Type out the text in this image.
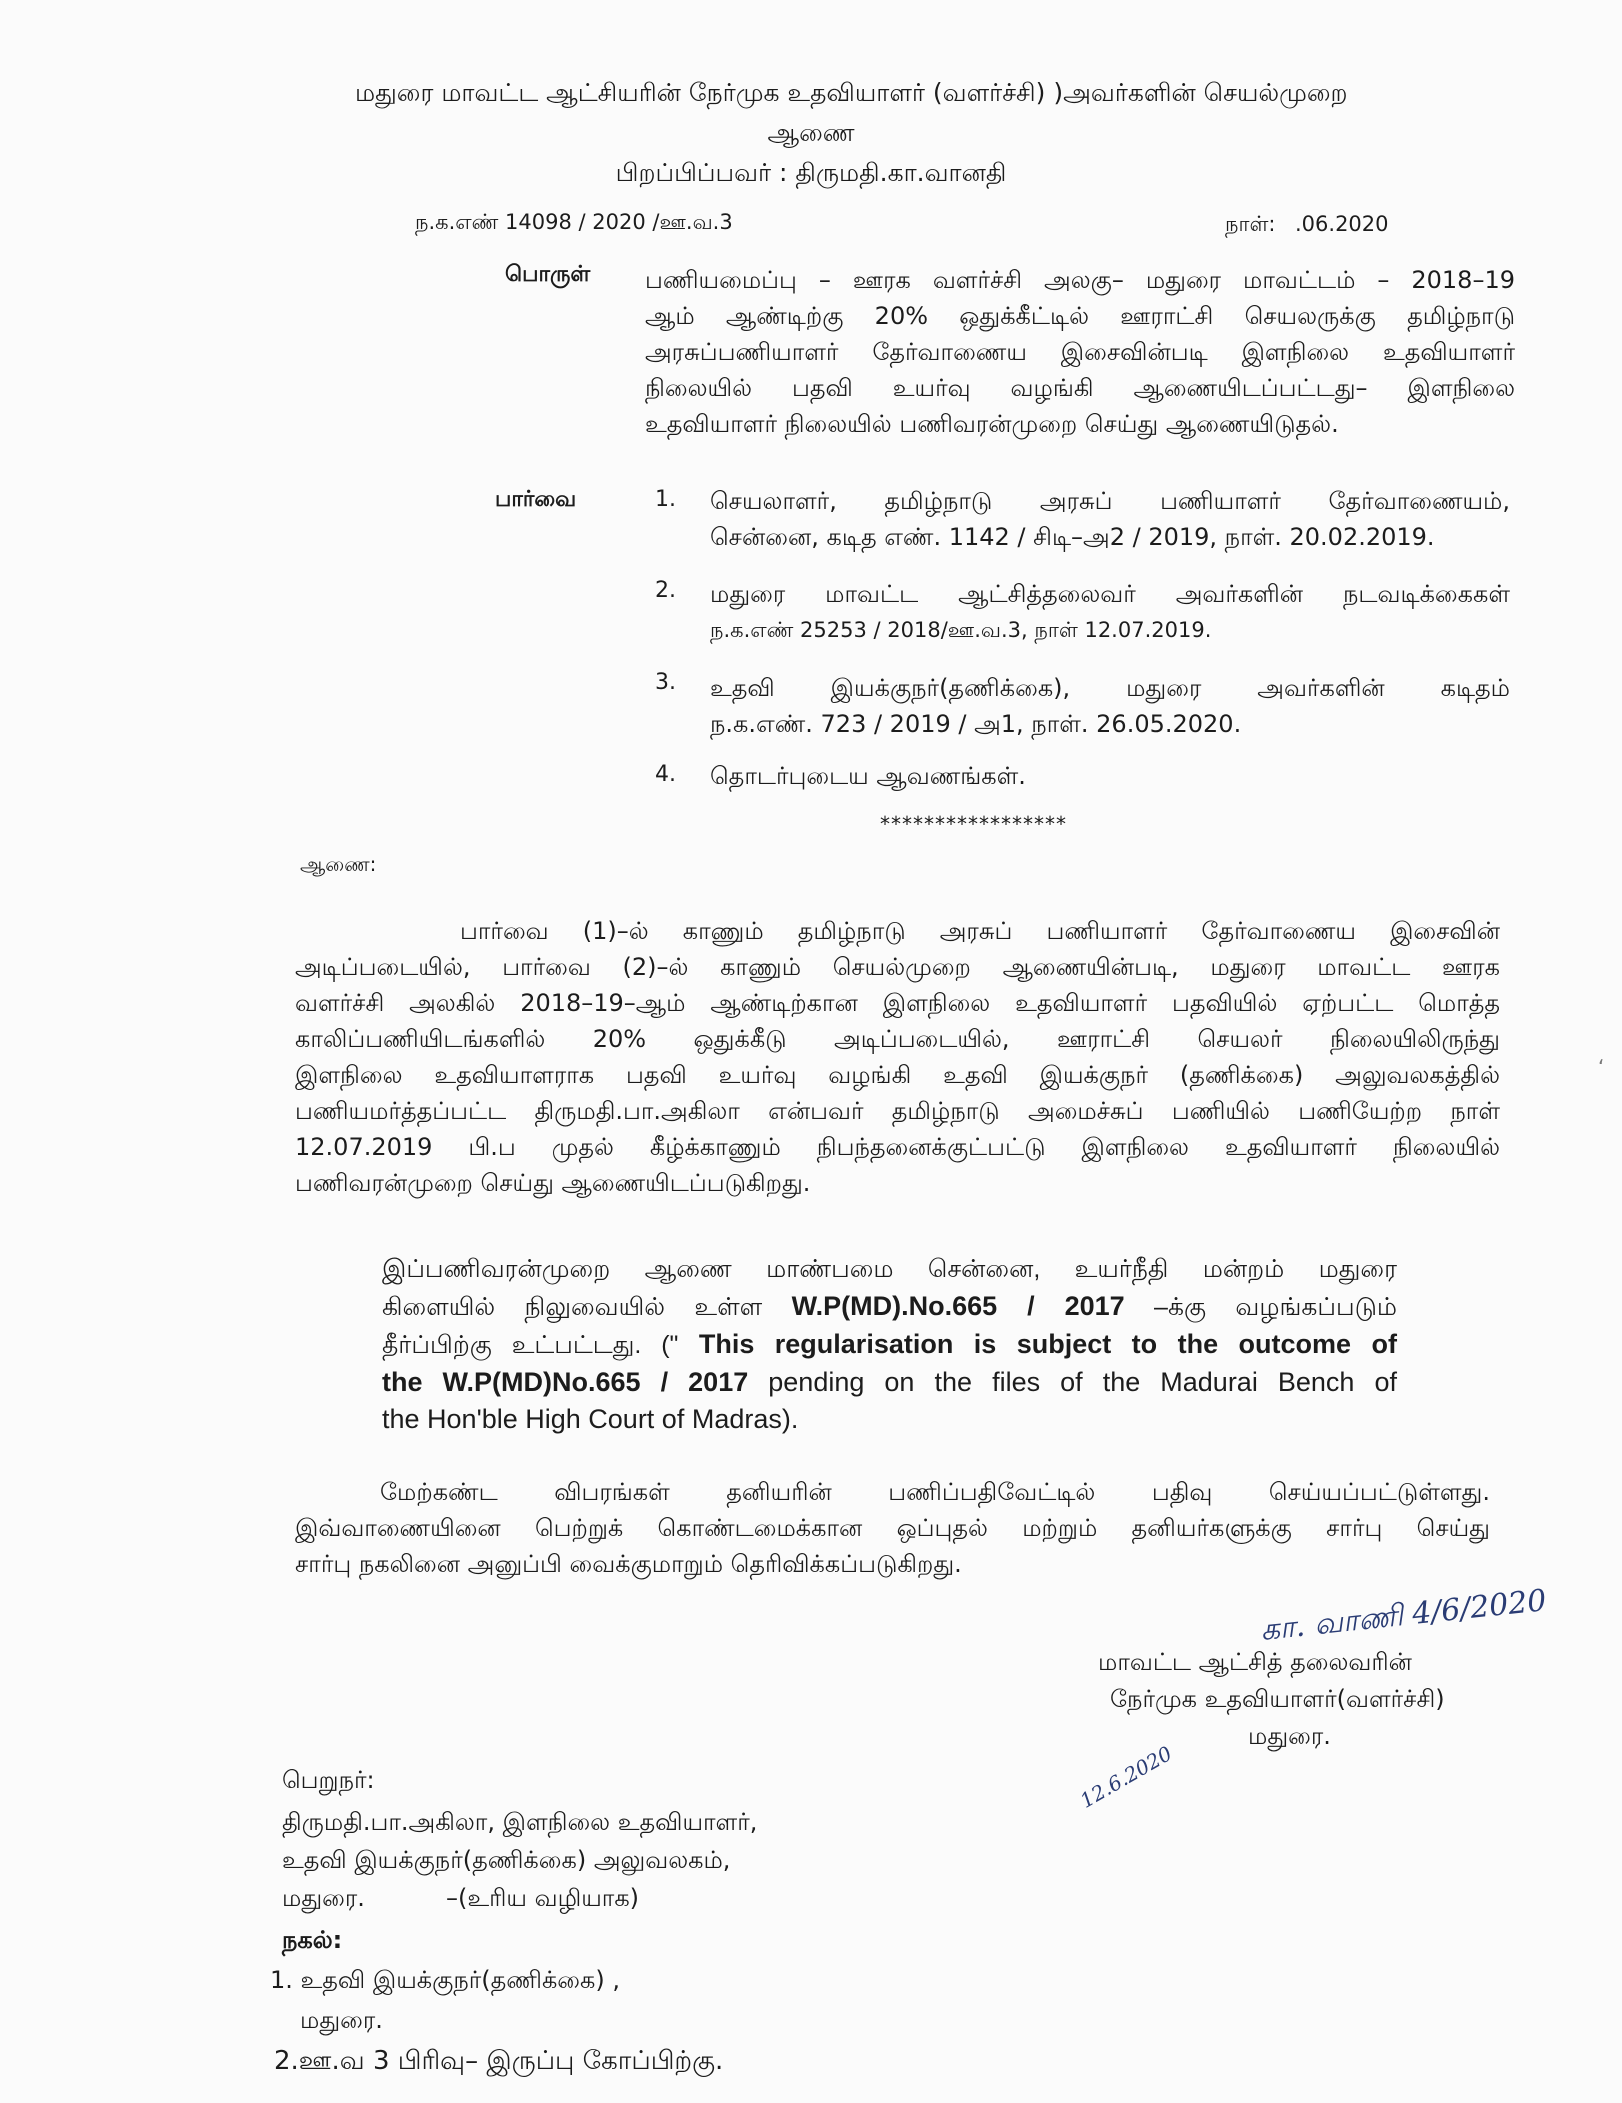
மதுரை மாவட்ட ஆட்சியரின் நேர்முக உதவியாளர் (வளர்ச்சி) )அவர்களின் செயல்முறை
ஆணை
பிறப்பிப்பவர் : திருமதி.கா.வானதி
ந.க.எண் 14098 / 2020 /ஊ.வ.3	நாள்: .06.2020
பொருள் பணியமைப்பு – ஊரக வளர்ச்சி அலகு– மதுரை மாவட்டம் – 2018–19
ஆம் ஆண்டிற்கு 20% ஒதுக்கீட்டில் ஊராட்சி செயலருக்கு தமிழ்நாடு
அரசுப்பணியாளர் தேர்வாணைய இசைவின்படி இளநிலை உதவியாளர்
நிலையில் பதவி உயர்வு வழங்கி ஆணையிடப்பட்டது– இளநிலை
உதவியாளர் நிலையில் பணிவரன்முறை செய்து ஆணையிடுதல்.
பார்வை	1. செயலாளர், தமிழ்நாடு அரசுப் பணியாளர் தேர்வாணையம்,
சென்னை, கடித எண். 1142 / சிடி–அ2 / 2019, நாள். 20.02.2019.
2. மதுரை மாவட்ட ஆட்சித்தலைவர் அவர்களின் நடவடிக்கைகள்
ந.க.எண் 25253 / 2018/ஊ.வ.3, நாள் 12.07.2019.
3. உதவி இயக்குநர்(தணிக்கை), மதுரை அவர்களின் கடிதம்
ந.க.எண். 723 / 2019 / அ1, நாள். 26.05.2020.
4. தொடர்புடைய ஆவணங்கள்.
*****************
ஆணை:
பார்வை (1)–ல் காணும் தமிழ்நாடு அரசுப் பணியாளர் தேர்வாணைய இசைவின்
அடிப்படையில், பார்வை (2)–ல் காணும் செயல்முறை ஆணையின்படி, மதுரை மாவட்ட ஊரக
வளர்ச்சி அலகில் 2018–19–ஆம் ஆண்டிற்கான இளநிலை உதவியாளர் பதவியில் ஏற்பட்ட மொத்த
காலிப்பணியிடங்களில் 20% ஒதுக்கீடு அடிப்படையில், ஊராட்சி செயலர் நிலையிலிருந்து
இளநிலை உதவியாளராக பதவி உயர்வு வழங்கி உதவி இயக்குநர் (தணிக்கை) அலுவலகத்தில்
பணியமர்த்தப்பட்ட திருமதி.பா.அகிலா என்பவர் தமிழ்நாடு அமைச்சுப் பணியில் பணியேற்ற நாள்
12.07.2019 பி.ப முதல் கீழ்க்காணும் நிபந்தனைக்குட்பட்டு இளநிலை உதவியாளர் நிலையில்
பணிவரன்முறை செய்து ஆணையிடப்படுகிறது.
இப்பணிவரன்முறை ஆணை மாண்பமை சென்னை, உயர்நீதி மன்றம் மதுரை
கிளையில் நிலுவையில் உள்ள W.P(MD).No.665 / 2017 –க்கு வழங்கப்படும்
தீர்ப்பிற்கு உட்பட்டது. (" This regularisation is subject to the outcome of
the W.P(MD)No.665 / 2017 pending on the files of the Madurai Bench of
the Hon'ble High Court of Madras).
மேற்கண்ட விபரங்கள் தனியரின் பணிப்பதிவேட்டில் பதிவு செய்யப்பட்டுள்ளது.
இவ்வாணையினை பெற்றுக் கொண்டமைக்கான ஒப்புதல் மற்றும் தனியர்களுக்கு சார்பு செய்து
சார்பு நகலினை அனுப்பி வைக்குமாறும் தெரிவிக்கப்படுகிறது.
கா. வாணி 4/6/2020
மாவட்ட ஆட்சித் தலைவரின்
நேர்முக உதவியாளர்(வளர்ச்சி)
மதுரை.
12.6.2020
பெறுநர்:
திருமதி.பா.அகிலா, இளநிலை உதவியாளர்,
உதவி இயக்குநர்(தணிக்கை) அலுவலகம்,
மதுரை.	–(உரிய வழியாக)
நகல்:
1. உதவி இயக்குநர்(தணிக்கை) ,
மதுரை.
2.ஊ.வ 3 பிரிவு– இருப்பு கோப்பிற்கு.
ʻ
